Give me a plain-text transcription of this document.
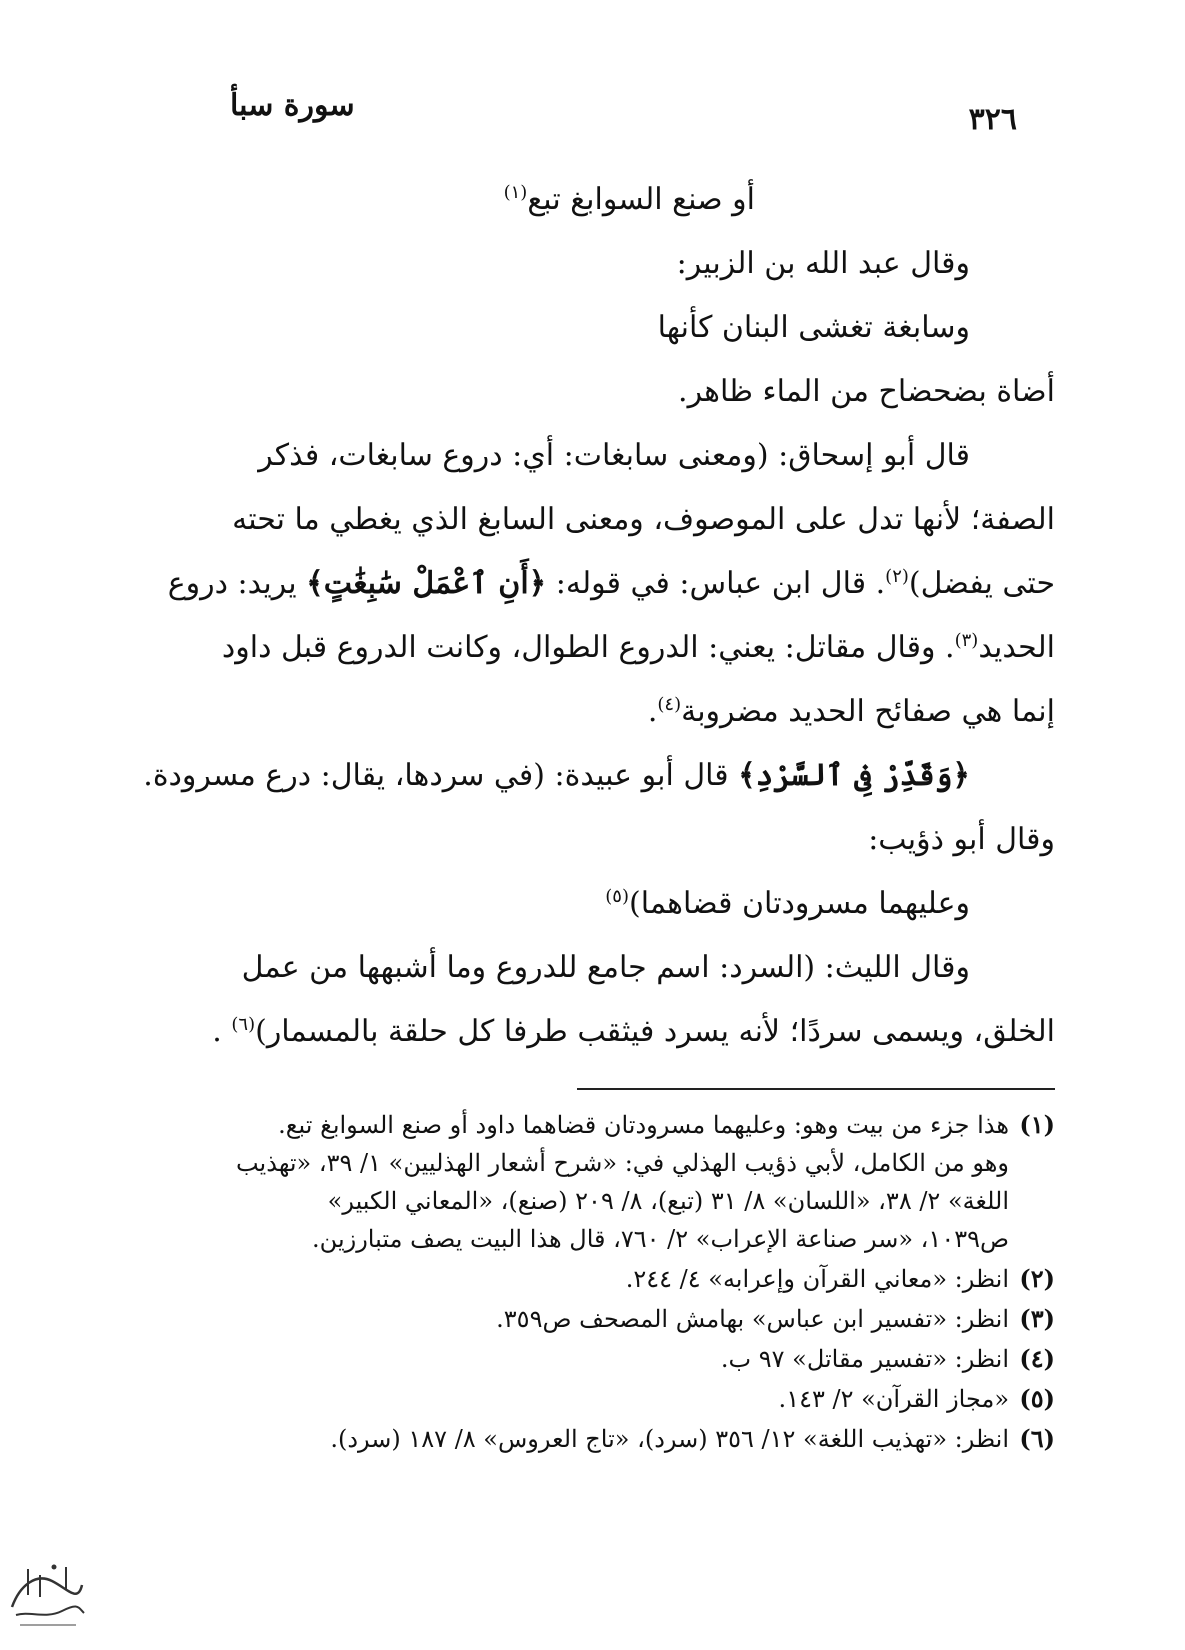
سورة سبأ	٣٢٦
أو صنع السوابغ تبع$^{(١)}$
وقال عبد الله بن الزبير:
وسابغة تغشى البنان كأنها
أضاة بضحضاح من الماء ظاهر.
قال أبو إسحاق: (ومعنى سابغات: أي: دروع سابغات، فذكر
الصفة؛ لأنها تدل على الموصوف، ومعنى السابغ الذي يغطي ما تحته
حتى يفضل)$^{(٢)}$. قال ابن عباس: في قوله: ﴿أَنِ ٱعْمَلْ سَٰبِغَٰتٍ﴾ يريد: دروع
الحديد$^{(٣)}$. وقال مقاتل: يعني: الدروع الطوال، وكانت الدروع قبل داود
إنما هي صفائح الحديد مضروبة$^{(٤)}$.
﴿وَقَدِّرْ فِى ٱلسَّرْدِ﴾ قال أبو عبيدة: (في سردها، يقال: درع مسرودة.
وقال أبو ذؤيب:
وعليهما مسرودتان قضاهما)$^{(٥)}$
وقال الليث: (السرد: اسم جامع للدروع وما أشبهها من عمل
الخلق، ويسمى سردًا؛ لأنه يسرد فيثقب طرفا كل حلقة بالمسمار)$^{(٦)}$ .
(١)
هذا جزء من بيت وهو: وعليهما مسرودتان قضاهما داود أو صنع السوابغ تبع.
وهو من الكامل، لأبي ذؤيب الهذلي في: «شرح أشعار الهذليين» ١/ ٣٩، «تهذيب
اللغة» ٢/ ٣٨، «اللسان» ٨/ ٣١ (تبع)، ٨/ ٢٠٩ (صنع)، «المعاني الكبير»
ص١٠٣٩، «سر صناعة الإعراب» ٢/ ٧٦٠، قال هذا البيت يصف متبارزين.
(٢)
انظر: «معاني القرآن وإعرابه» ٤/ ٢٤٤.
(٣)
انظر: «تفسير ابن عباس» بهامش المصحف ص٣٥٩.
(٤)
انظر: «تفسير مقاتل» ٩٧ ب.
(٥)
«مجاز القرآن» ٢/ ١٤٣.
(٦)
انظر: «تهذيب اللغة» ١٢/ ٣٥٦ (سرد)، «تاج العروس» ٨/ ١٨٧ (سرد).
